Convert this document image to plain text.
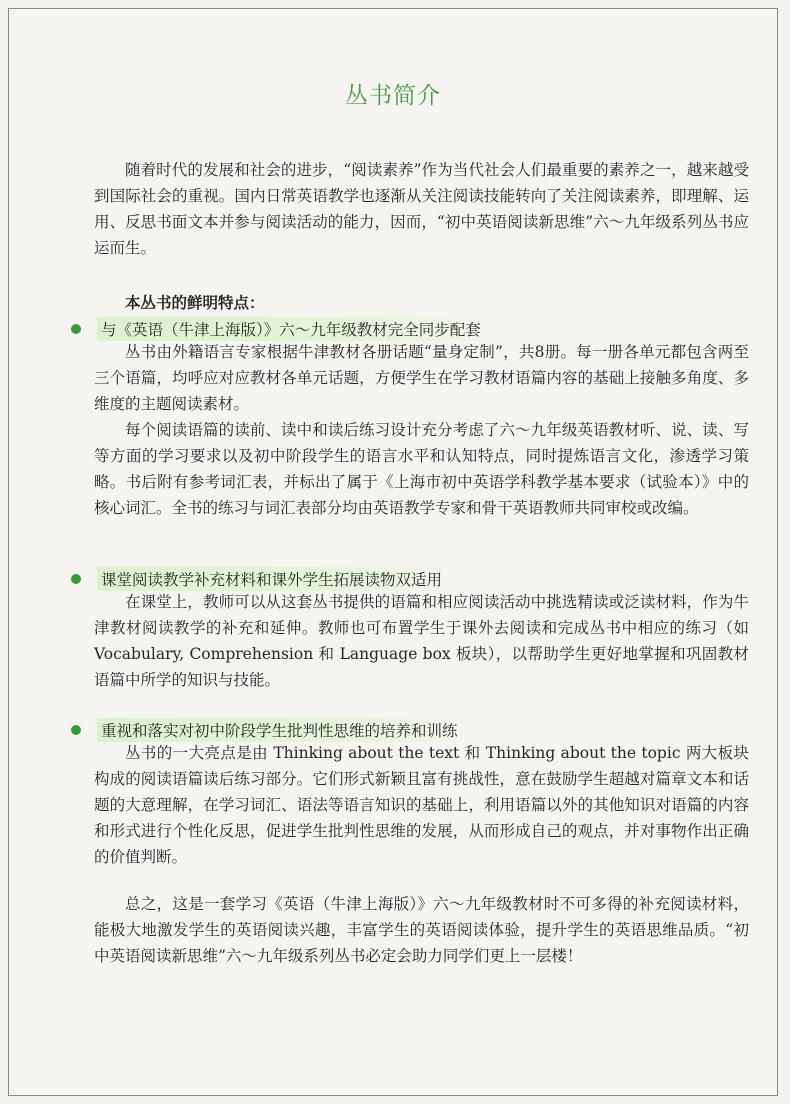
丛书简介

随着时代的发展和社会的进步，“阅读素养”作为当代社会人们最重要的素养之一，越来越受到国际社会的重视。国内日常英语教学也逐渐从关注阅读技能转向了关注阅读素养，即理解、运用、反思书面文本并参与阅读活动的能力，因而，“初中英语阅读新思维”六～九年级系列丛书应运而生。

本丛书的鲜明特点：

与《英语（牛津上海版）》六～九年级教材完全同步配套

丛书由外籍语言专家根据牛津教材各册话题“量身定制”，共8册。每一册各单元都包含两至三个语篇，均呼应对应教材各单元话题，方便学生在学习教材语篇内容的基础上接触多角度、多维度的主题阅读素材。

每个阅读语篇的读前、读中和读后练习设计充分考虑了六～九年级英语教材听、说、读、写等方面的学习要求以及初中阶段学生的语言水平和认知特点，同时提炼语言文化，渗透学习策略。书后附有参考词汇表，并标出了属于《上海市初中英语学科教学基本要求（试验本）》中的核心词汇。全书的练习与词汇表部分均由英语教学专家和骨干英语教师共同审校或改编。

课堂阅读教学补充材料和课外学生拓展读物双适用

在课堂上，教师可以从这套丛书提供的语篇和相应阅读活动中挑选精读或泛读材料，作为牛津教材阅读教学的补充和延伸。教师也可布置学生于课外去阅读和完成丛书中相应的练习（如 Vocabulary, Comprehension 和 Language box 板块），以帮助学生更好地掌握和巩固教材语篇中所学的知识与技能。

重视和落实对初中阶段学生批判性思维的培养和训练

丛书的一大亮点是由 Thinking about the text 和 Thinking about the topic 两大板块构成的阅读语篇读后练习部分。它们形式新颖且富有挑战性，意在鼓励学生超越对篇章文本和话题的大意理解，在学习词汇、语法等语言知识的基础上，利用语篇以外的其他知识对语篇的内容和形式进行个性化反思，促进学生批判性思维的发展，从而形成自己的观点，并对事物作出正确的价值判断。

总之，这是一套学习《英语（牛津上海版）》六～九年级教材时不可多得的补充阅读材料，能极大地激发学生的英语阅读兴趣，丰富学生的英语阅读体验，提升学生的英语思维品质。“初中英语阅读新思维”六～九年级系列丛书必定会助力同学们更上一层楼！
